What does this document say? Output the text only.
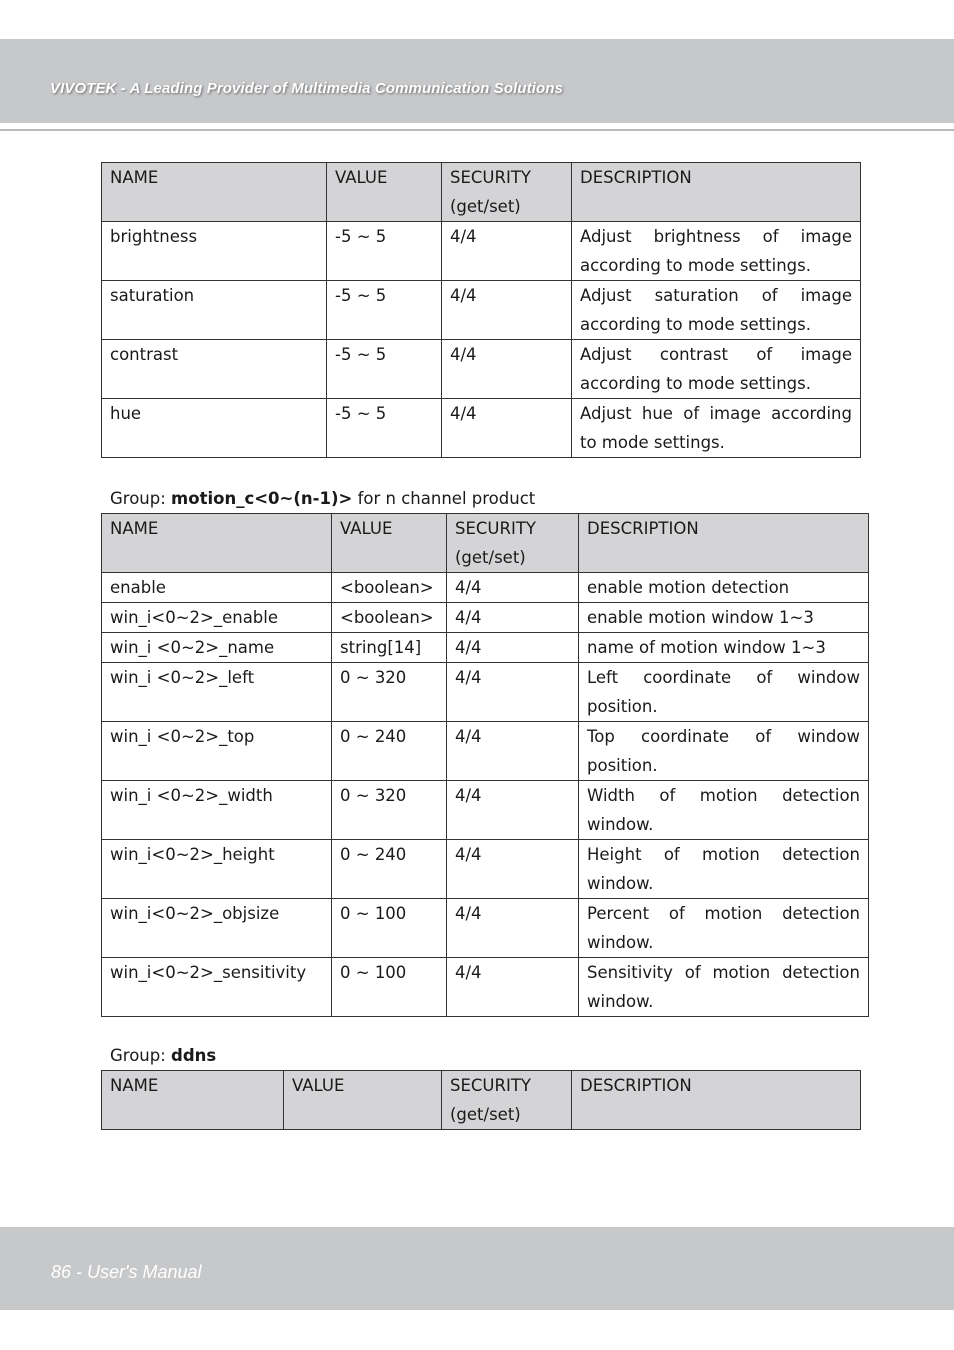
VIVOTEK - A Leading Provider of Multimedia Communication Solutions
NAME	VALUE	SECURITY (get/set)	DESCRIPTION
brightness	-5 ~ 5	4/4	Adjust brightness of image according to mode settings.
saturation	-5 ~ 5	4/4	Adjust saturation of image according to mode settings.
contrast	-5 ~ 5	4/4	Adjust contrast of image according to mode settings.
hue	-5 ~ 5	4/4	Adjust hue of image according to mode settings.
Group: motion_c<0~(n-1)> for n channel product
NAME	VALUE	SECURITY (get/set)	DESCRIPTION
enable	<boolean>	4/4	enable motion detection
win_i<0~2>_enable	<boolean>	4/4	enable motion window 1~3
win_i <0~2>_name	string[14]	4/4	name of motion window 1~3
win_i <0~2>_left	0 ~ 320	4/4	Left coordinate of window position.
win_i <0~2>_top	0 ~ 240	4/4	Top coordinate of window position.
win_i <0~2>_width	0 ~ 320	4/4	Width of motion detection window.
win_i<0~2>_height	0 ~ 240	4/4	Height of motion detection window.
win_i<0~2>_objsize	0 ~ 100	4/4	Percent of motion detection window.
win_i<0~2>_sensitivity	0 ~ 100	4/4	Sensitivity of motion detection window.
Group: ddns
NAME	VALUE	SECURITY (get/set)	DESCRIPTION
86 - User's Manual
